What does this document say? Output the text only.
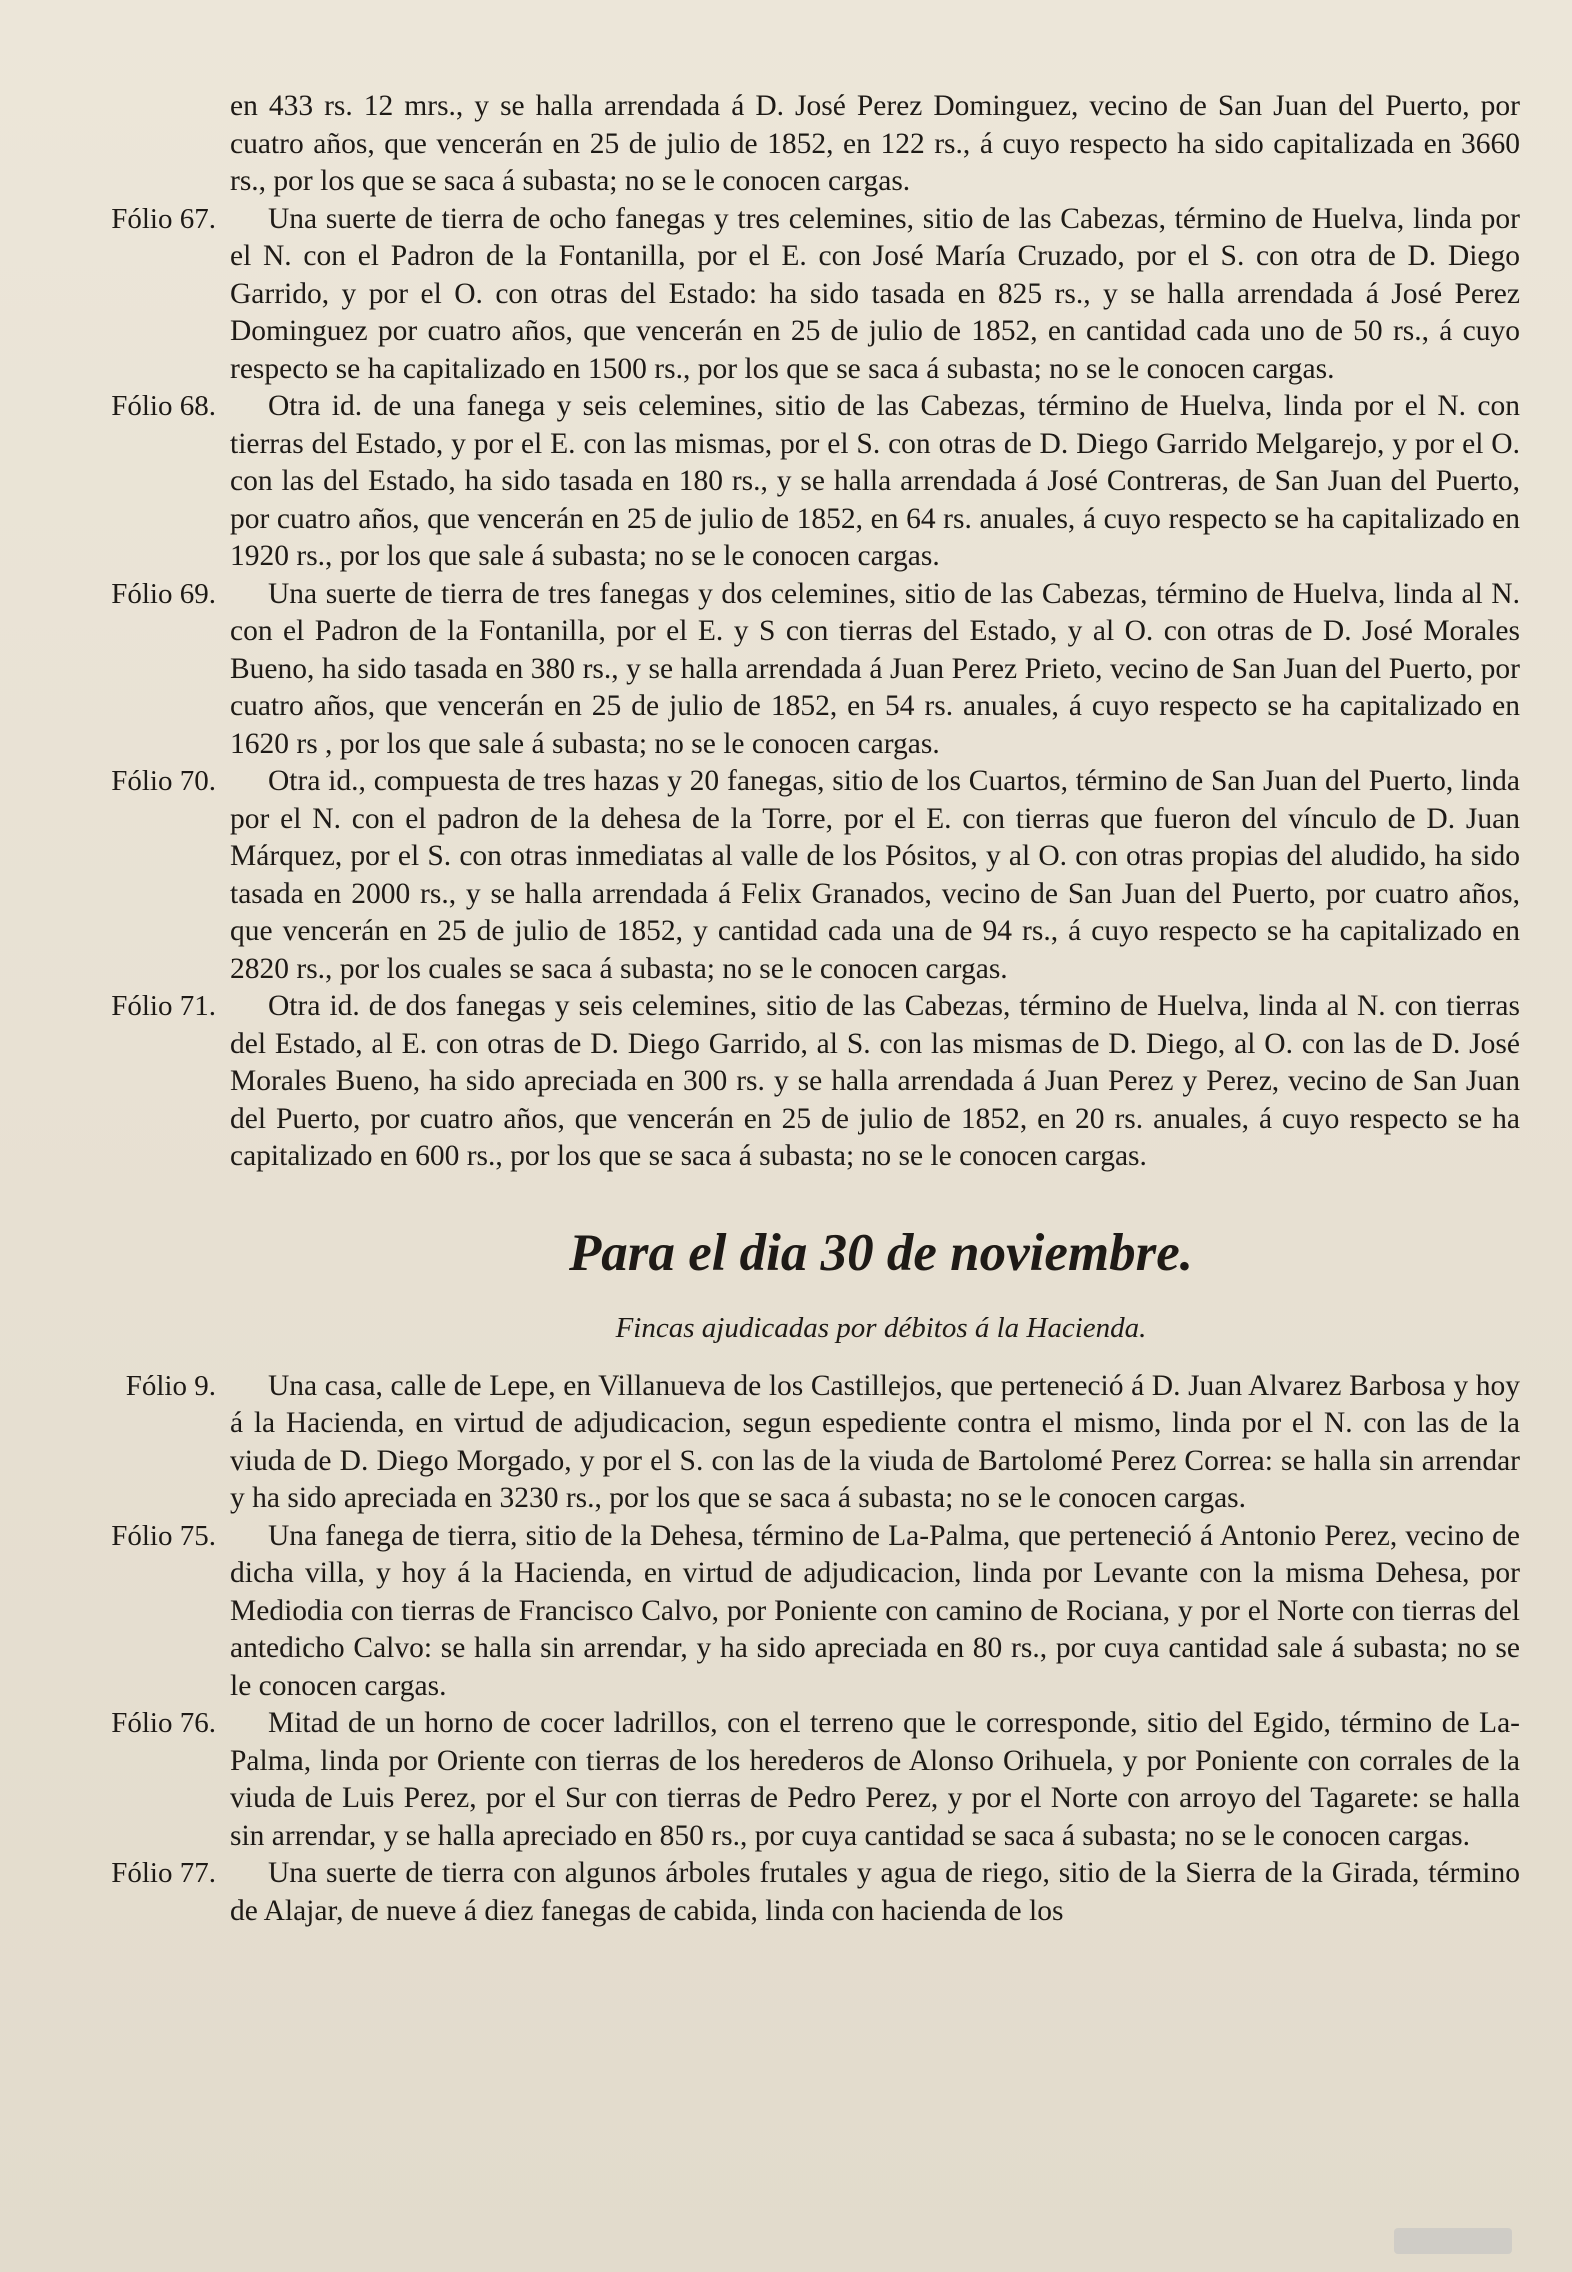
en 433 rs. 12 mrs., y se halla arrendada á D. José Perez Dominguez, vecino de San Juan del Puerto, por cuatro años, que vencerán en 25 de julio de 1852, en 122 rs., á cuyo respecto ha sido capitalizada en 3660 rs., por los que se saca á subasta; no se le conocen cargas.

Fólio 67.	Una suerte de tierra de ocho fanegas y tres celemines, sitio de las Cabezas, término de Huelva, linda por el N. con el Padron de la Fontanilla, por el E. con José María Cruzado, por el S. con otra de D. Diego Garrido, y por el O. con otras del Estado: ha sido tasada en 825 rs., y se halla arrendada á José Perez Dominguez por cuatro años, que vencerán en 25 de julio de 1852, en cantidad cada uno de 50 rs., á cuyo respecto se ha capitalizado en 1500 rs., por los que se saca á subasta; no se le conocen cargas.

Fólio 68.	Otra id. de una fanega y seis celemines, sitio de las Cabezas, término de Huelva, linda por el N. con tierras del Estado, y por el E. con las mismas, por el S. con otras de D. Diego Garrido Melgarejo, y por el O. con las del Estado, ha sido tasada en 180 rs., y se halla arrendada á José Contreras, de San Juan del Puerto, por cuatro años, que vencerán en 25 de julio de 1852, en 64 rs. anuales, á cuyo respecto se ha capitalizado en 1920 rs., por los que sale á subasta; no se le conocen cargas.

Fólio 69.	Una suerte de tierra de tres fanegas y dos celemines, sitio de las Cabezas, término de Huelva, linda al N. con el Padron de la Fontanilla, por el E. y S con tierras del Estado, y al O. con otras de D. José Morales Bueno, ha sido tasada en 380 rs., y se halla arrendada á Juan Perez Prieto, vecino de San Juan del Puerto, por cuatro años, que vencerán en 25 de julio de 1852, en 54 rs. anuales, á cuyo respecto se ha capitalizado en 1620 rs , por los que sale á subasta; no se le conocen cargas.

Fólio 70.	Otra id., compuesta de tres hazas y 20 fanegas, sitio de los Cuartos, término de San Juan del Puerto, linda por el N. con el padron de la dehesa de la Torre, por el E. con tierras que fueron del vínculo de D. Juan Márquez, por el S. con otras inmediatas al valle de los Pósitos, y al O. con otras propias del aludido, ha sido tasada en 2000 rs., y se halla arrendada á Felix Granados, vecino de San Juan del Puerto, por cuatro años, que vencerán en 25 de julio de 1852, y cantidad cada una de 94 rs., á cuyo respecto se ha capitalizado en 2820 rs., por los cuales se saca á subasta; no se le conocen cargas.

Fólio 71.	Otra id. de dos fanegas y seis celemines, sitio de las Cabezas, término de Huelva, linda al N. con tierras del Estado, al E. con otras de D. Diego Garrido, al S. con las mismas de D. Diego, al O. con las de D. José Morales Bueno, ha sido apreciada en 300 rs. y se halla arrendada á Juan Perez y Perez, vecino de San Juan del Puerto, por cuatro años, que vencerán en 25 de julio de 1852, en 20 rs. anuales, á cuyo respecto se ha capitalizado en 600 rs., por los que se saca á subasta; no se le conocen cargas.

Para el dia 30 de noviembre.
Fincas ajudicadas por débitos á la Hacienda.
Fólio 9.	Una casa, calle de Lepe, en Villanueva de los Castillejos, que perteneció á D. Juan Alvarez Barbosa y hoy á la Hacienda, en virtud de adjudicacion, segun espediente contra el mismo, linda por el N. con las de la viuda de D. Diego Morgado, y por el S. con las de la viuda de Bartolomé Perez Correa: se halla sin arrendar y ha sido apreciada en 3230 rs., por los que se saca á subasta; no se le conocen cargas.

Fólio 75.	Una fanega de tierra, sitio de la Dehesa, término de La-Palma, que perteneció á Antonio Perez, vecino de dicha villa, y hoy á la Hacienda, en virtud de adjudicacion, linda por Levante con la misma Dehesa, por Mediodia con tierras de Francisco Calvo, por Poniente con camino de Rociana, y por el Norte con tierras del antedicho Calvo: se halla sin arrendar, y ha sido apreciada en 80 rs., por cuya cantidad sale á subasta; no se le conocen cargas.

Fólio 76.	Mitad de un horno de cocer ladrillos, con el terreno que le corresponde, sitio del Egido, término de La-Palma, linda por Oriente con tierras de los herederos de Alonso Orihuela, y por Poniente con corrales de la viuda de Luis Perez, por el Sur con tierras de Pedro Perez, y por el Norte con arroyo del Tagarete: se halla sin arrendar, y se halla apreciado en 850 rs., por cuya cantidad se saca á subasta; no se le conocen cargas.

Fólio 77.	Una suerte de tierra con algunos árboles frutales y agua de riego, sitio de la Sierra de la Girada, término de Alajar, de nueve á diez fanegas de cabida, linda con hacienda de los
